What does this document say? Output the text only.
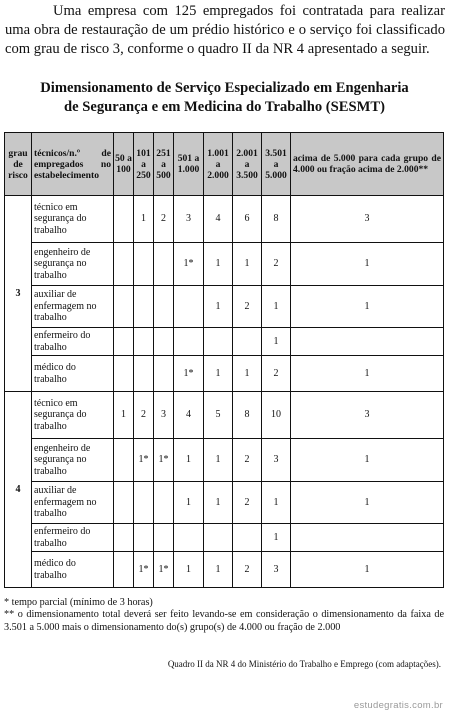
Uma empresa com 125 empregados foi contratada para realizar uma obra de restauração de um prédio histórico e o serviço foi classificado com grau de risco 3, conforme o quadro II da NR 4 apresentado a seguir.
Dimensionamento de Serviço Especializado em Engenharia
de Segurança e em Medicina do Trabalho (SESMT)
grau de risco	técnicos/n.º de empregados no estabelecimento	50 a 100	101 a 250	251 a 500	501 a 1.000	1.001 a 2.000	2.001 a 3.500	3.501 a 5.000	acima de 5.000 para cada grupo de 4.000 ou fração acima de 2.000**
3	técnico em segurança do trabalho		1	2	3	4	6	8	3
	engenheiro de segurança no trabalho				1*	1	1	2	1
	auxiliar de enfermagem no trabalho					1	2	1	1
	enfermeiro do trabalho							1	
	médico do trabalho				1*	1	1	2	1
4	técnico em segurança do trabalho	1	2	3	4	5	8	10	3
	engenheiro de segurança no trabalho		1*	1*	1	1	2	3	1
	auxiliar de enfermagem no trabalho				1	1	2	1	1
	enfermeiro do trabalho							1	
	médico do trabalho		1*	1*	1	1	2	3	1
* tempo parcial (mínimo de 3 horas)
** o dimensionamento total deverá ser feito levando-se em consideração o dimensionamento da faixa de 3.501 a 5.000 mais o dimensionamento do(s) grupo(s) de 4.000 ou fração de 2.000
Quadro II da NR 4 do Ministério do Trabalho e Emprego (com adaptações).
estudegratis.com.br
